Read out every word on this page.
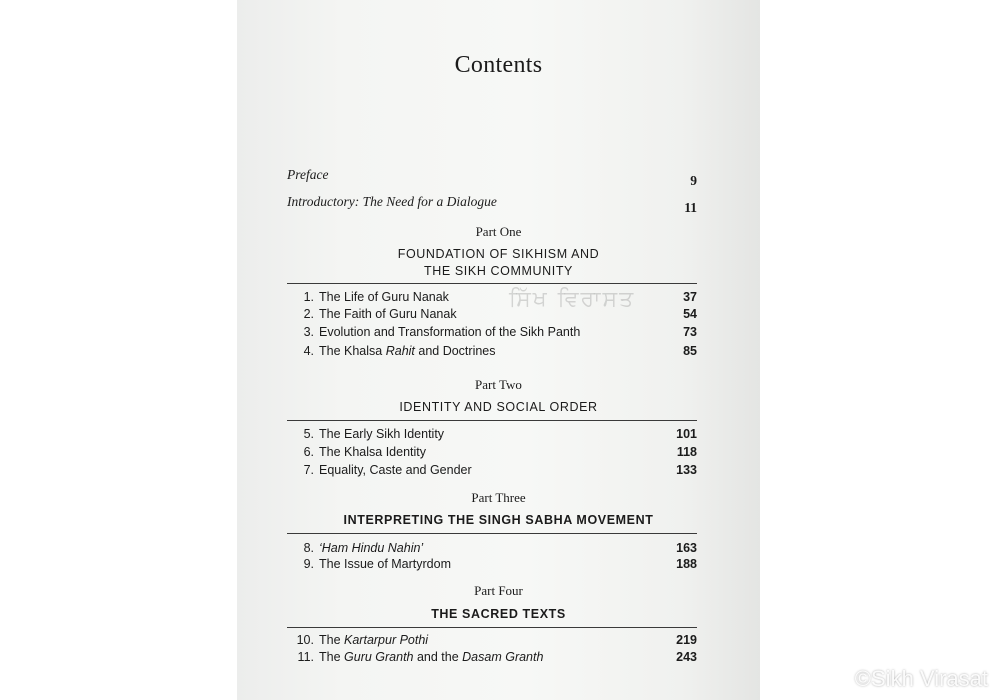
Contents
Preface	9
Introductory: The Need for a Dialogue	11
Part One
FOUNDATION OF SIKHISM AND
THE SIKH COMMUNITY
Part Two
IDENTITY AND SOCIAL ORDER
Part Three
INTERPRETING THE SINGH SABHA MOVEMENT
Part Four
THE SACRED TEXTS
1. The Life of Guru Nanak	37
2. The Faith of Guru Nanak	54
3. Evolution and Transformation of the Sikh Panth	73
4. The Khalsa Rahit and Doctrines	85
5. The Early Sikh Identity	101
6. The Khalsa Identity	118
7. Equality, Caste and Gender	133
8. ‘Ham Hindu Nahin’	163
9. The Issue of Martyrdom	188
10. The Kartarpur Pothi	219
11. The Guru Granth and the Dasam Granth	243
ਸਿੱਖ ਵਿਰਾਸਤ
©Sikh Virasat
